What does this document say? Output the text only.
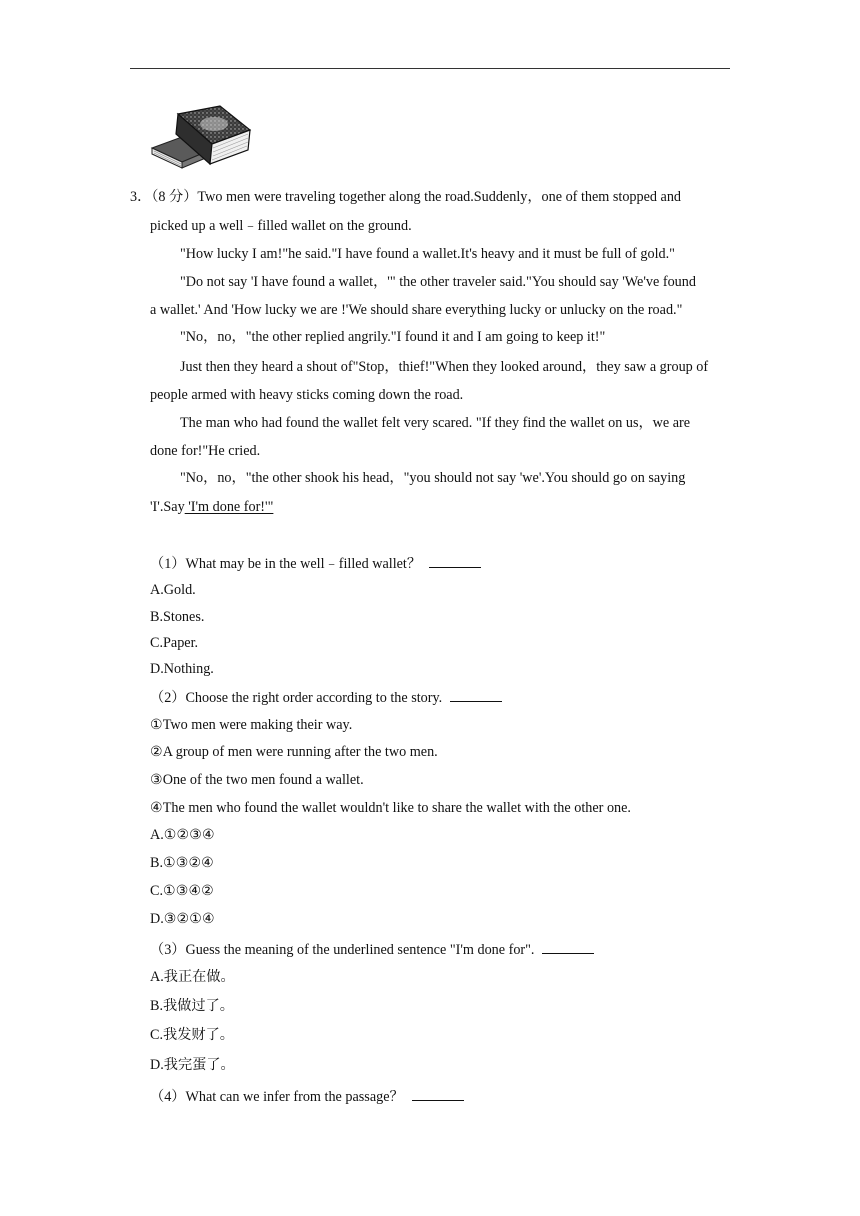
3．（8 分）Two men were traveling together along the road.Suddenly，one of them stopped and
picked up a well﹣filled wallet on the ground.
"How lucky I am!"he said."I have found a wallet.It's heavy and it must be full of gold."
"Do not say 'I have found a wallet，'" the other traveler said."You should say 'We've found
a wallet.' And 'How lucky we are !'We should share everything lucky or unlucky on the road."
"No，no，"the other replied angrily."I found it and I am going to keep it!"
Just then they heard a shout of"Stop，thief!"When they looked around，they saw a group of
people armed with heavy sticks coming down the road.
The man who had found the wallet felt very scared. "If they find the wallet on us，we are
done for!"He cried.
"No，no，"the other shook his head，"you should not say 'we'.You should go on saying
'I'.Say 'I'm done for!'"
（1）What may be in the well﹣filled wallet？
A.Gold.
B.Stones.
C.Paper.
D.Nothing.
（2）Choose the right order according to the story.
①Two men were making their way.
②A group of men were running after the two men.
③One of the two men found a wallet.
④The men who found the wallet wouldn't like to share the wallet with the other one.
A.①②③④
B.①③②④
C.①③④②
D.③②①④
（3）Guess the meaning of the underlined sentence "I'm done for".
A.我正在做。
B.我做过了。
C.我发财了。
D.我完蛋了。
（4）What can we infer from the passage？
